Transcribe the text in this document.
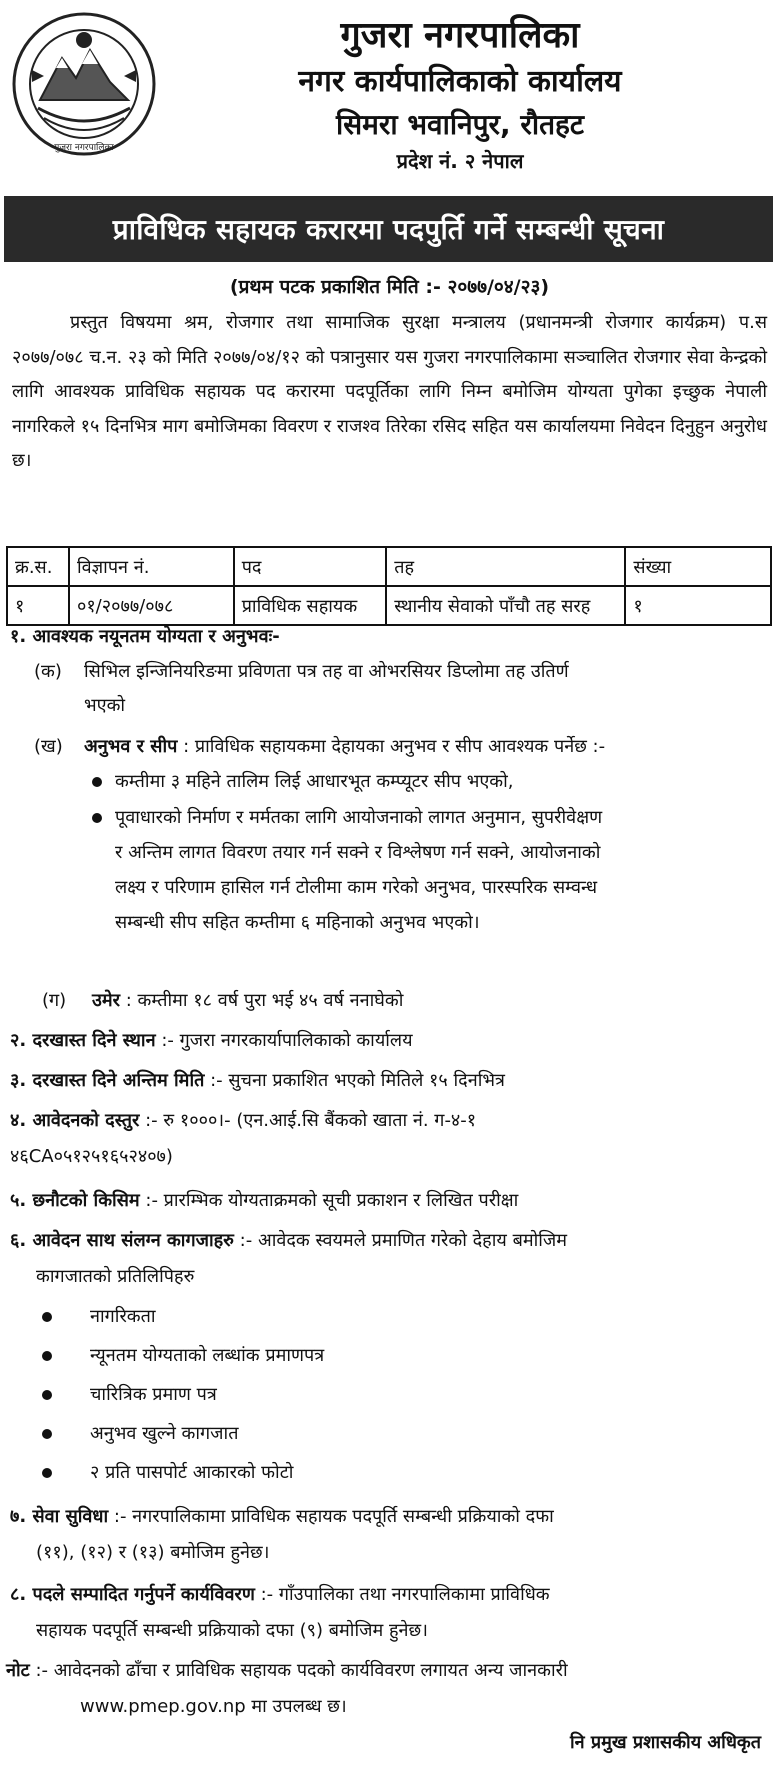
गुजरा नगरपालिका
गुजरा नगरपालिका
नगर कार्यपालिकाको कार्यालय
सिमरा भवानिपुर, रौतहट
प्रदेश नं. २ नेपाल
प्राविधिक सहायक करारमा पदपुर्ति गर्ने सम्बन्धी सूचना
(प्रथम पटक प्रकाशित मिति :- २०७७/०४/२३)
प्रस्तुत विषयमा श्रम, रोजगार तथा सामाजिक सुरक्षा मन्त्रालय (प्रधानमन्त्री रोजगार कार्यक्रम) प.स २०७७/०७८ च.न. २३ को मिति २०७७/०४/१२ को पत्रानुसार यस गुजरा नगरपालिकामा सञ्चालित रोजगार सेवा केन्द्रको लागि आवश्यक प्राविधिक सहायक पद करारमा पदपूर्तिका लागि निम्न बमोजिम योग्यता पुगेका इच्छुक नेपाली नागरिकले १५ दिनभित्र माग बमोजिमका विवरण र राजश्व तिरेका रसिद सहित यस कार्यालयमा निवेदन दिनुहुन अनुरोध छ।
क्र.स.	विज्ञापन नं.	पद	तह	संख्या
१	०१/२०७७/०७८	प्राविधिक सहायक	स्थानीय सेवाको पाँचौ तह सरह	१
१. आवश्यक नयूनतम योग्यता र अनुभवः-
(क) सिभिल इन्जिनियरिङमा प्रविणता पत्र तह वा ओभरसियर डिप्लोमा तह उतिर्ण
भएको
(ख) अनुभव र सीप : प्राविधिक सहायकमा देहायका अनुभव र सीप आवश्यक पर्नेछ :-
कम्तीमा ३ महिने तालिम लिई आधारभूत कम्प्यूटर सीप भएको,
पूवाधारको निर्माण र मर्मतका लागि आयोजनाको लागत अनुमान, सुपरीवेक्षण
र अन्तिम लागत विवरण तयार गर्न सक्ने र विश्लेषण गर्न सक्ने, आयोजनाको
लक्ष्य र परिणाम हासिल गर्न टोलीमा काम गरेको अनुभव, पारस्परिक सम्वन्ध
सम्बन्धी सीप सहित कम्तीमा ६ महिनाको अनुभव भएको।
(ग) उमेर : कम्तीमा १८ वर्ष पुरा भई ४५ वर्ष ननाघेको
२. दरखास्त दिने स्थान :- गुजरा नगरकार्यापालिकाको कार्यालय
३. दरखास्त दिने अन्तिम मिति :- सुचना प्रकाशित भएको मितिले १५ दिनभित्र
४. आवेदनको दस्तुर :- रु १०००।- (एन.आई.सि बैंकको खाता नं. ग-४-१
४६CA०५१२५१६५२४०७)
५. छनौटको किसिम :- प्रारम्भिक योग्यताक्रमको सूची प्रकाशन र लिखित परीक्षा
६. आवेदन साथ संलग्न कागजाहरु :- आवेदक स्वयमले प्रमाणित गरेको देहाय बमोजिम
कागजातको प्रतिलिपिहरु
नागरिकता
न्यूनतम योग्यताको लब्धांक प्रमाणपत्र
चारित्रिक प्रमाण पत्र
अनुभव खुल्ने कागजात
२ प्रति पासपोर्ट आकारको फोटो
७. सेवा सुविधा :- नगरपालिकामा प्राविधिक सहायक पदपूर्ति सम्बन्धी प्रक्रियाको दफा
(११), (१२) र (१३) बमोजिम हुनेछ।
८. पदले सम्पादित गर्नुपर्ने कार्यविवरण :- गाँउपालिका तथा नगरपालिकामा प्राविधिक
सहायक पदपूर्ति सम्बन्धी प्रक्रियाको दफा (९) बमोजिम हुनेछ।
नोट :- आवेदनको ढाँचा र प्राविधिक सहायक पदको कार्यविवरण लगायत अन्य जानकारी
www.pmep.gov.np मा उपलब्ध छ।
नि प्रमुख प्रशासकीय अधिकृत
